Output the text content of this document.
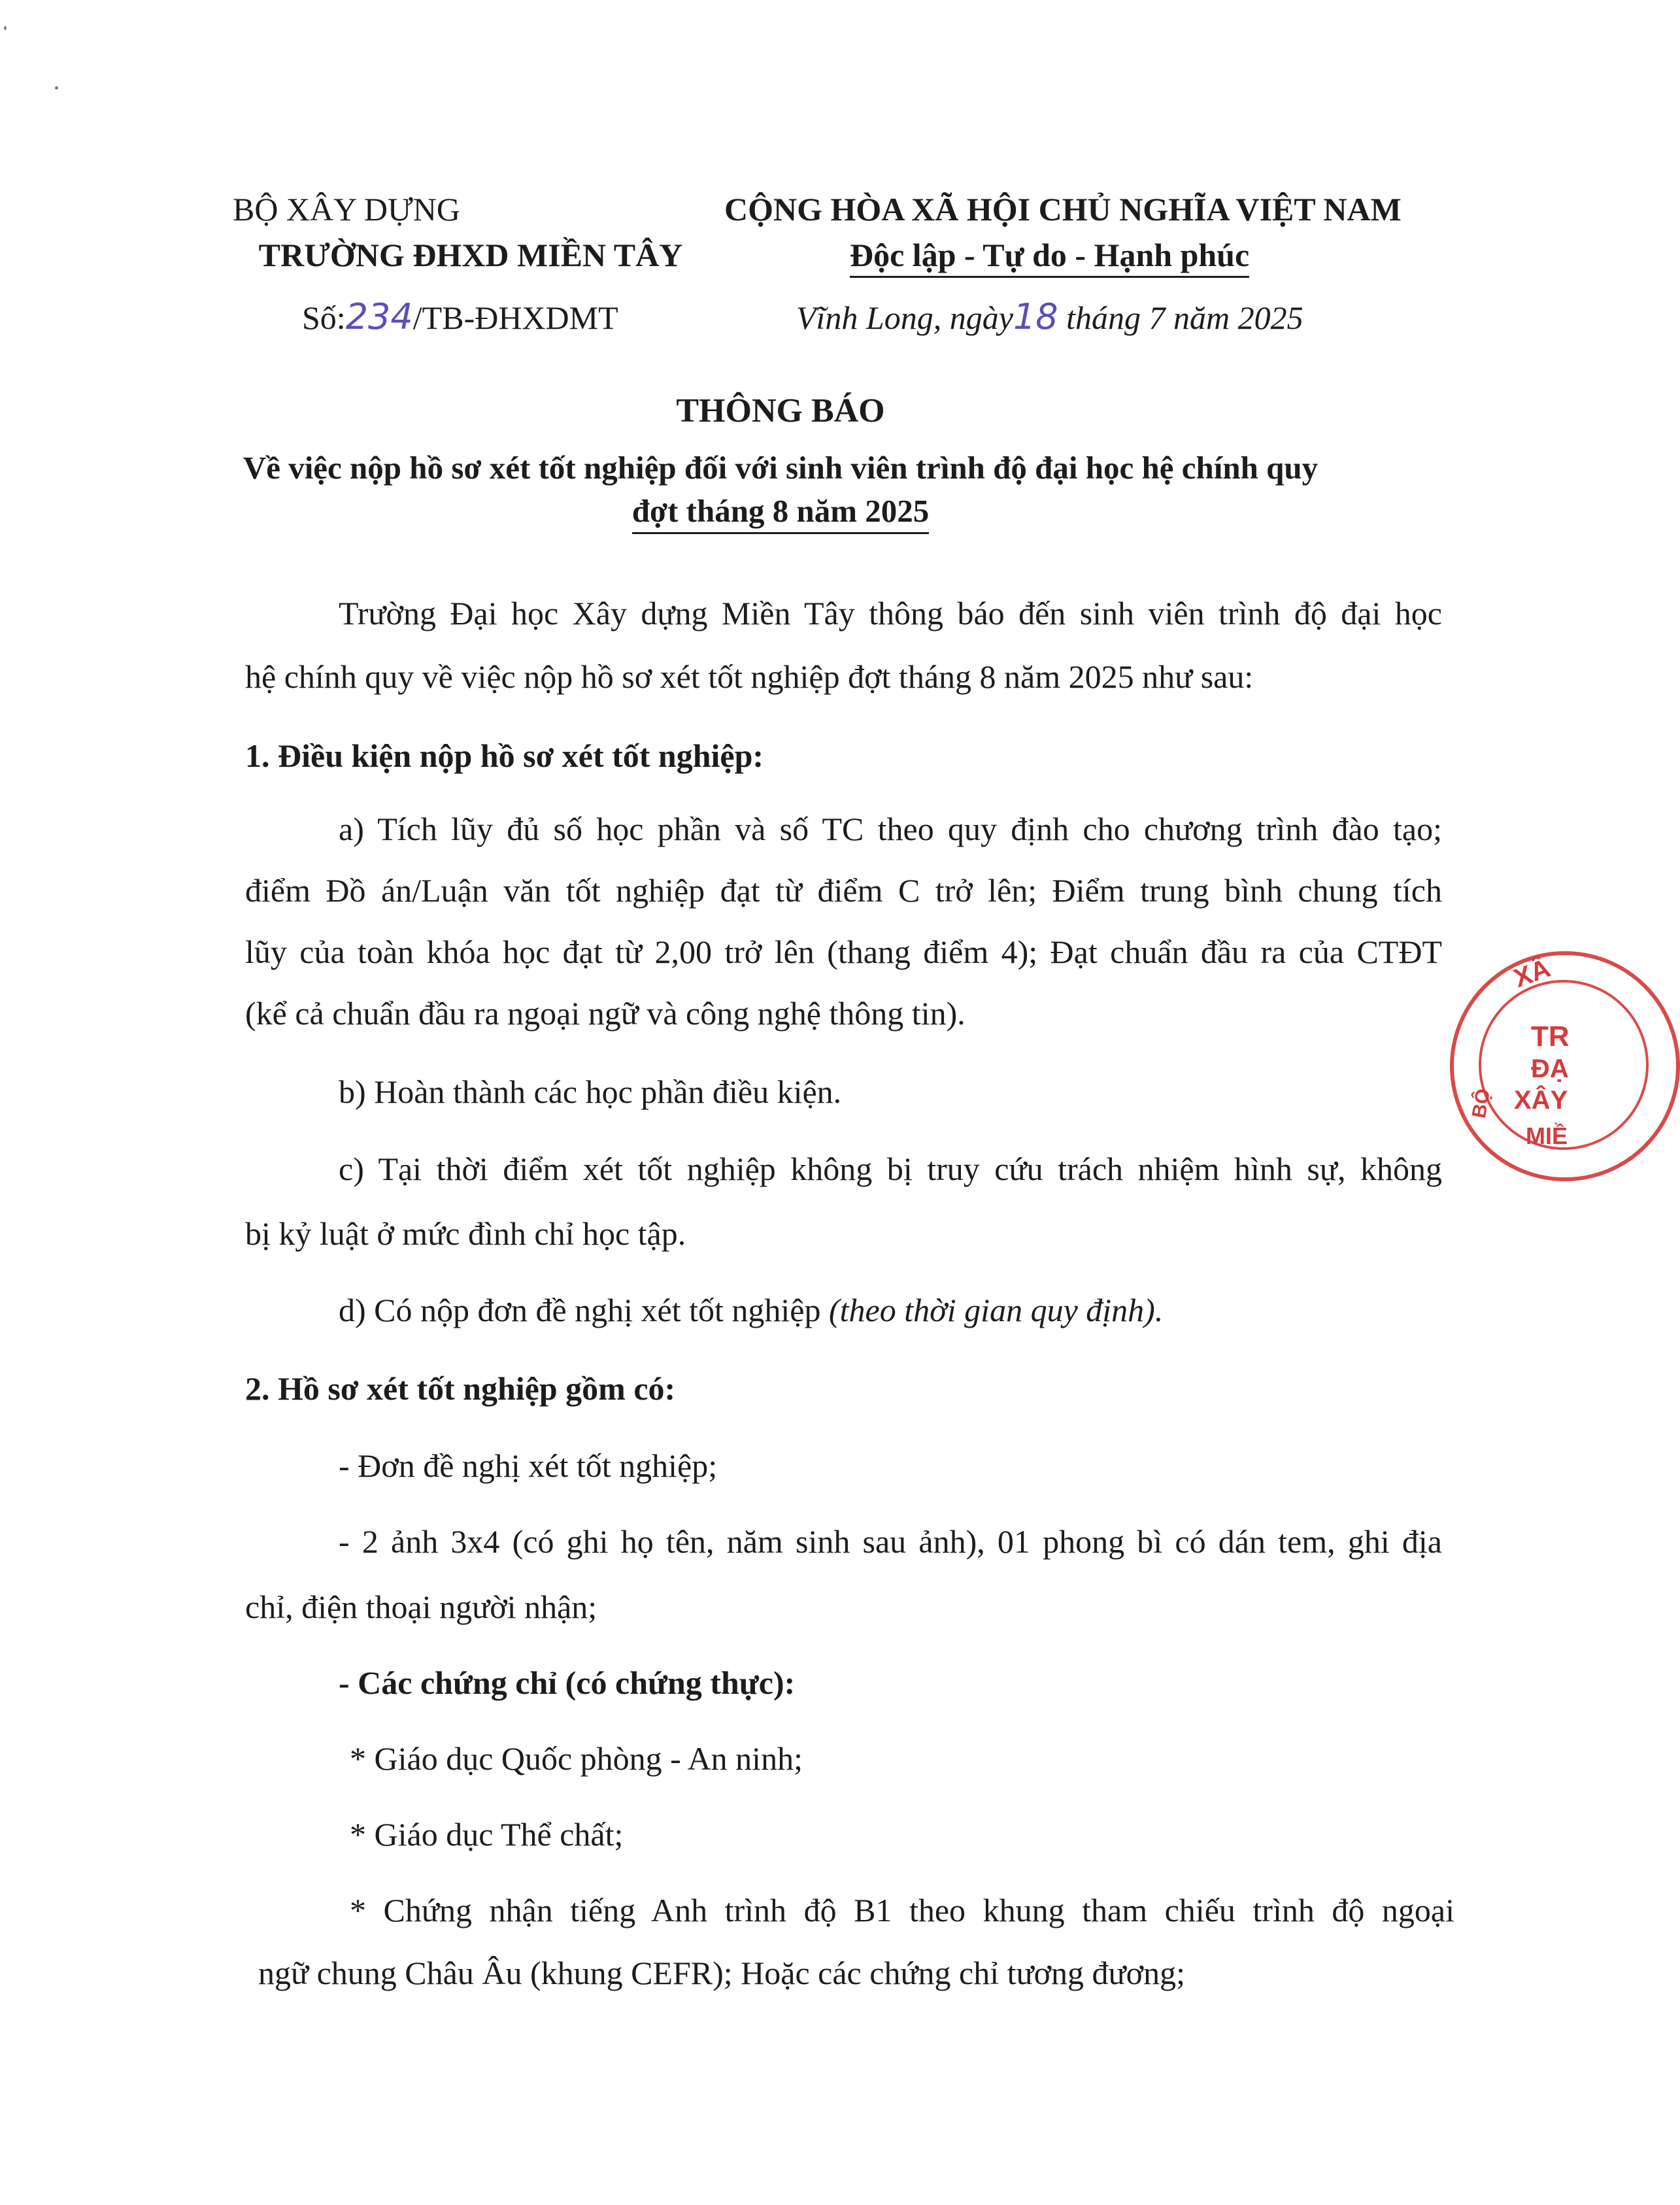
BỘ XÂY DỰNG
TRƯỜNG ĐHXD MIỀN TÂY
Số:234/TB-ĐHXDMT
CỘNG HÒA XÃ HỘI CHỦ NGHĨA VIỆT NAM
Độc lập - Tự do - Hạnh phúc
Vĩnh Long, ngày18 tháng 7 năm 2025
THÔNG BÁO
Về việc nộp hồ sơ xét tốt nghiệp đối với sinh viên trình độ đại học hệ chính quy
đợt tháng 8 năm 2025
Trường Đại học Xây dựng Miền Tây thông báo đến sinh viên trình độ đại học
hệ chính quy về việc nộp hồ sơ xét tốt nghiệp đợt tháng 8 năm 2025 như sau:
1. Điều kiện nộp hồ sơ xét tốt nghiệp:
a) Tích lũy đủ số học phần và số TC theo quy định cho chương trình đào tạo;
điểm Đồ án/Luận văn tốt nghiệp đạt từ điểm C trở lên; Điểm trung bình chung tích
lũy của toàn khóa học đạt từ 2,00 trở lên (thang điểm 4); Đạt chuẩn đầu ra của CTĐT
(kể cả chuẩn đầu ra ngoại ngữ và công nghệ thông tin).
b) Hoàn thành các học phần điều kiện.
c) Tại thời điểm xét tốt nghiệp không bị truy cứu trách nhiệm hình sự, không
bị kỷ luật ở mức đình chỉ học tập.
d) Có nộp đơn đề nghị xét tốt nghiệp (theo thời gian quy định).
2. Hồ sơ xét tốt nghiệp gồm có:
- Đơn đề nghị xét tốt nghiệp;
- 2 ảnh 3x4 (có ghi họ tên, năm sinh sau ảnh), 01 phong bì có dán tem, ghi địa
chỉ, điện thoại người nhận;
- Các chứng chỉ (có chứng thực):
* Giáo dục Quốc phòng - An ninh;
* Giáo dục Thể chất;
* Chứng nhận tiếng Anh trình độ B1 theo khung tham chiếu trình độ ngoại
ngữ chung Châu Âu (khung CEFR); Hoặc các chứng chỉ tương đương;
XÂ
TR
ĐẠ
XÂY
MIỀ
BỘ
